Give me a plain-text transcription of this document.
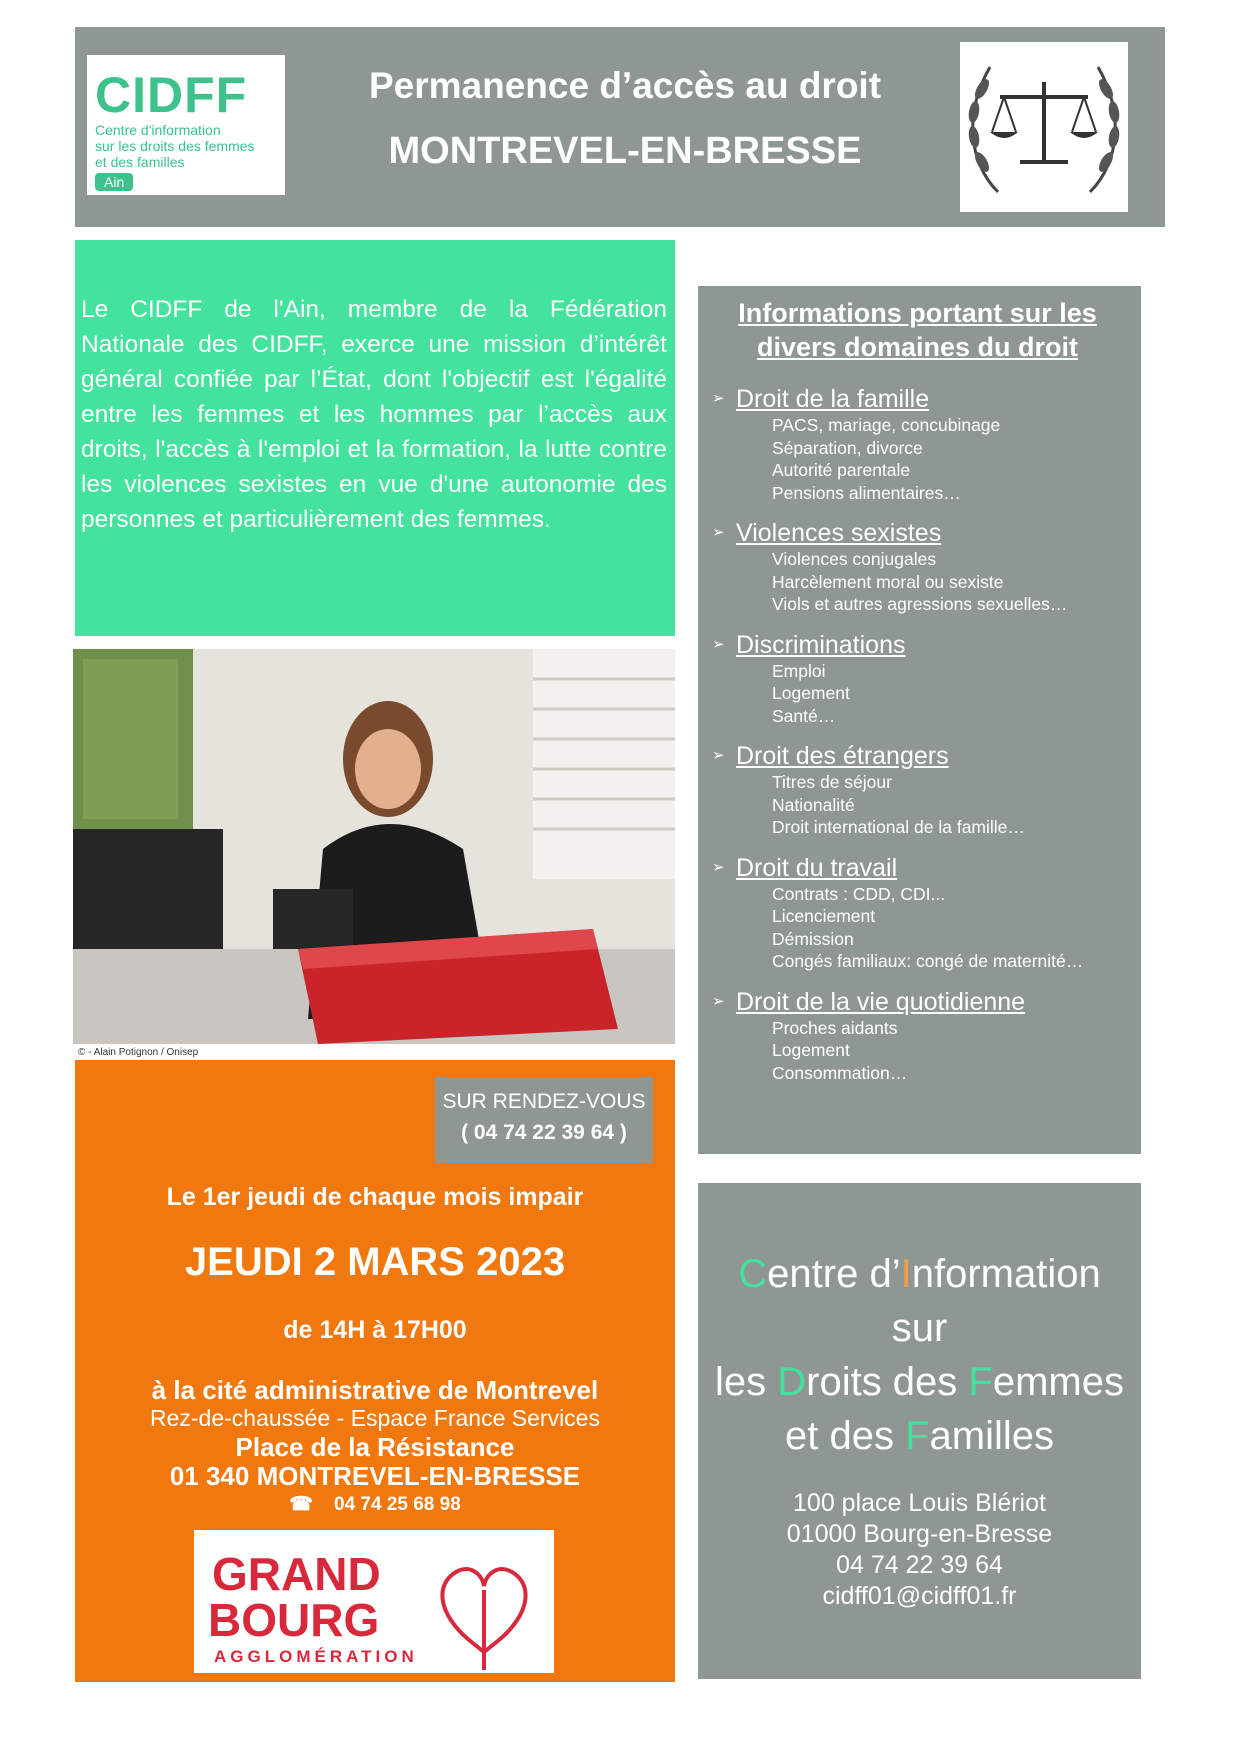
CIDFF
Centre d'information
sur les droits des femmes
et des familles
Ain
Permanence d’accès au droit
MONTREVEL-EN-BRESSE

Le CIDFF de l'Ain, membre de la Fédération Nationale des CIDFF, exerce une mission d’intérêt général confiée par l’État, dont l'objectif est l'égalité entre les femmes et les hommes par l’accès aux droits, l'accès à l'emploi et la formation, la lutte contre les violences sexistes en vue d'une autonomie des personnes et particulièrement des femmes.

© - Alain Potignon / Onisep
SUR RENDEZ-VOUS
( 04 74 22 39 64 )
Le 1er jeudi de chaque mois impair
JEUDI 2 MARS 2023
de 14H à 17H00
à la cité administrative de Montrevel
Rez-de-chaussée - Espace France Services
Place de la Résistance
01 340 MONTREVEL-EN-BRESSE
☎ 04 74 25 68 98
GRAND
BOURG
AGGLOMÉRATION
Informations portant sur les
divers domaines du droit
➢ Droit de la famille
PACS, mariage, concubinage
Séparation, divorce
Autorité parentale
Pensions alimentaires…
➢ Violences sexistes
Violences conjugales
Harcèlement moral ou sexiste
Viols et autres agressions sexuelles…
➢ Discriminations
Emploi
Logement
Santé…
➢ Droit des étrangers
Titres de séjour
Nationalité
Droit international de la famille…
➢ Droit du travail
Contrats : CDD, CDI...
Licenciement
Démission
Congés familiaux: congé de maternité…
➢ Droit de la vie quotidienne
Proches aidants
Logement
Consommation…
Centre d’Information
sur
les Droits des Femmes
et des Familles
100 place Louis Blériot
01000 Bourg-en-Bresse
04 74 22 39 64
cidff01@cidff01.fr
